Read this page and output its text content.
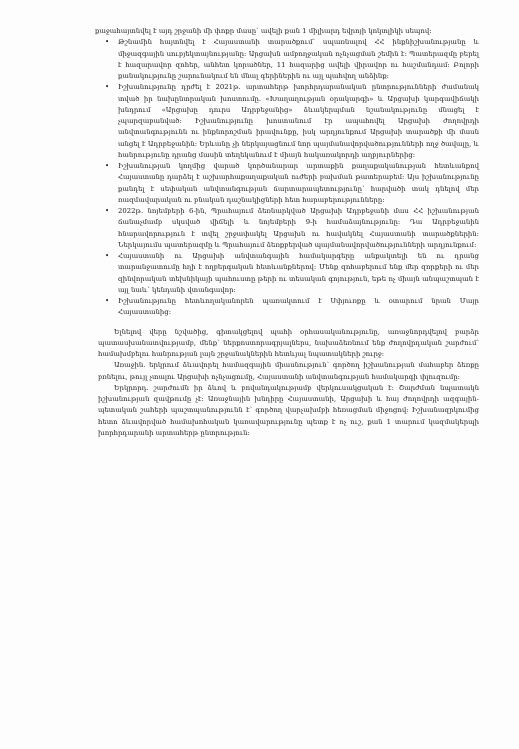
քաջահայտնվել է այդ շրջանի մի փոքր մասը՝ ավելի քան 1 միլիարդ եվրոյի կոկտլիկի սեպով:

• Թշնամին հայտնվել է Հայաստանի տարածքում՝ սպառնալով ՀՀ ինքնիշխանությանը և միջազգային սուբյեկտայնությանը: Արցախն ամբողջական ոչնչացման շեմին է: Պատերազմը բերել է հազարավոր զոհեր, անհետ կորածներ, 11 հազարից ավելի վիրավոր ու հաշմանդամ: Բոլորի քանակությունը շարունակում են մնալ գերիներին ու այլ պահվող անձինք:
• Իշխանությունը դրժել է 2021թ. արտահերթ խորհրդարանական ընտրությունների ժամանակ տված իր նախընտրական խոստումը. «Խաղաղության օրակարգի» և Արցախի կարգավիճակի խնդրում «Արցախը դուրս Ադրբեջանից» ձևակերպման նշանակությունը մնացել է չպարզաբանված: Իշխանությունը խոստանում էր ապահովել Արցախի ժողովրդի անվտանգությունն ու ինքնորոշման իրավունքը, իսկ արդյունքում Արցախի տարածքի մի մասն անցել է Ադրբեջանին: Երևանը չի ներկայացնում նոր պայմանավորվածությունների ողջ ծավալը, և հանրությունը դրանց մասին տեղեկանում է միայն հակառակորդի աղբյուրներից:
• Իշխանության կողմից վարած կործանարար արտաքին քաղաքականության հետևանքով Հայաստանը դարձել է աշխարհաքաղաքական ուժերի բախման թատերաբեմ: Այս իշխանությունը քանդել է սեփական անվտանգության ճարտարապետությունը՝ հարվածի տակ դնելով մեր ռազմավարական ու բնական դաշնակիցների հետ հարաբերությունները:
• 2022թ. նոյեմբերի 6-ին, Պրահայում ձեռնարկված Արցախի Ադրբեջանի մաս ՀՀ իշխանության ճանաչմամբ սկսված վիճելի և նոյեմբերի 9-ի համաձայնությունը: Դա Ադրբեջանին հնարավորություն է տվել շրջափակել Արցախն ու հավակնել Հայաստանի տարածքներին: Ներկայումս պատերազմը և Պրահայում ձեռքբերված պայմանավորվածությունների արդյունքում:
• Հայաստանի ու Արցախի անվտանգային համակարգերը անքակտելի են ու դրանց տարանջատումը հղի է ողբերգական հետևանքներով: Մենք զոհաբերում ենք մեր զորքերի ու մեր զինվորական տեխնիկայի պահուստը թերի ու տեսական գոյություն, եթե ոչ միայն անպաշտպան է այլ նաև՝ կենդանի վտանգավոր:
• Իշխանությունը հետևողականորեն պառակտում է Սփյուռքը և օտարում նրան Մայր Հայաստանից:

Ելնելով վերը նշվածից, գիտակցելով պահի օրհասականությունը, առաջնորդվելով բարձր պատասխանատվությամբ, մենք՝ ներքոստորագրյալներս, նախաձեռնում ենք ժողովրդական շարժում՝ համախմբելու հանրության լայն շրջանակներին հետևյալ նպատակների շուրջ:

Առաջին. երկրում ձևավորել համազգային միասնություն՝ գործող իշխանության մահաբեր ձեռքը բռնելու, թույլ չտալու Արցախի ոչնչացումը, Հայաստանի անվտանգության համակարգի փլուզումը:

Երկրորդ. շարժումն իր ձևով և բովանդակությամբ վերկուսակցական է: Շարժման նպատակն իշխանության զավթումը չէ: Առաջնային խնդիրը Հայաստանի, Արցախի և հայ ժողովրդի ազգային-պետական շահերի պաշտպանությունն է՝ գործող վարչախմբի հեռացման միջոցով: Իշխանազրկումից հետո ձևավորված համախոհական կառավարությունը պետք է ոչ ուշ, քան 1 տարում կազմակերպի խորհրդարանի արտահերթ ընտրություն:
